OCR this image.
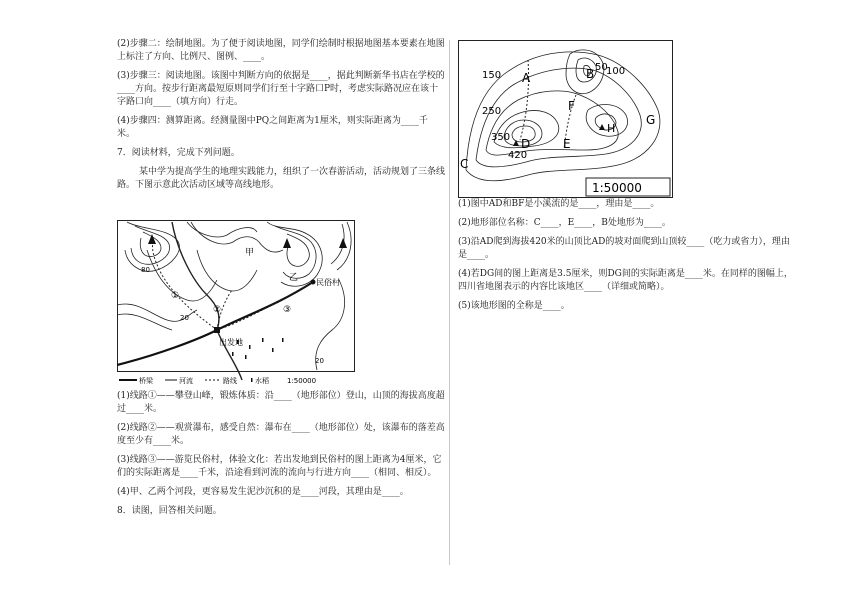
(2)步骤二：绘制地图。为了便于阅读地图，同学们绘制时根据地图基本要素在地图上标注了方向、比例尺、图例、____。

(3)步骤三：阅读地图。该图中判断方向的依据是____，据此判断新华书店在学校的____方向。按步行距离最短原则同学们行至十字路口P时，考虑实际路况应在该十字路口向____（填方向）行走。

(4)步骤四：测算距离。经测量图中PQ之间距离为1厘米，则实际距离为____千米。

7．阅读材料，完成下列问题。

某中学为提高学生的地理实践能力，组织了一次春游活动，活动规划了三条线路。下图示意此次活动区域等高线地形。

甲
乙 民俗村
出发地
80
20
20
①
②	③
桥梁	河流	路线	水稻	1:50000

(1)线路①——攀登山峰，锻炼体质：沿____（地形部位）登山，山顶的海拔高度超过____米。

(2)线路②——观赏瀑布，感受自然：瀑布在____（地形部位）处，该瀑布的落差高度至少有____米。

(3)线路③——游览民俗村，体验文化：若出发地到民俗村的图上距离为4厘米，它们的实际距离是____千米，沿途看到河流的流向与行进方向____（相同、相反）。

(4)甲、乙两个河段，更容易发生泥沙沉积的是____河段，其理由是____。

8．读图，回答相关问题。

150	100
50
250
350
420
A	B
C
D	E
F
G
H
1:50000

(1)图中AD和BF是小溪流的是____，理由是____。

(2)地形部位名称：C____，E____，B处地形为____。

(3)沿AD爬到海拔420米的山顶比AD的坡对面爬到山顶较____（吃力或省力），理由是____。

(4)若DG间的图上距离是3.5厘米，则DG间的实际距离是____米。在同样的图幅上，四川省地图表示的内容比该地区____（详细或简略）。

(5)该地形图的全称是____。
